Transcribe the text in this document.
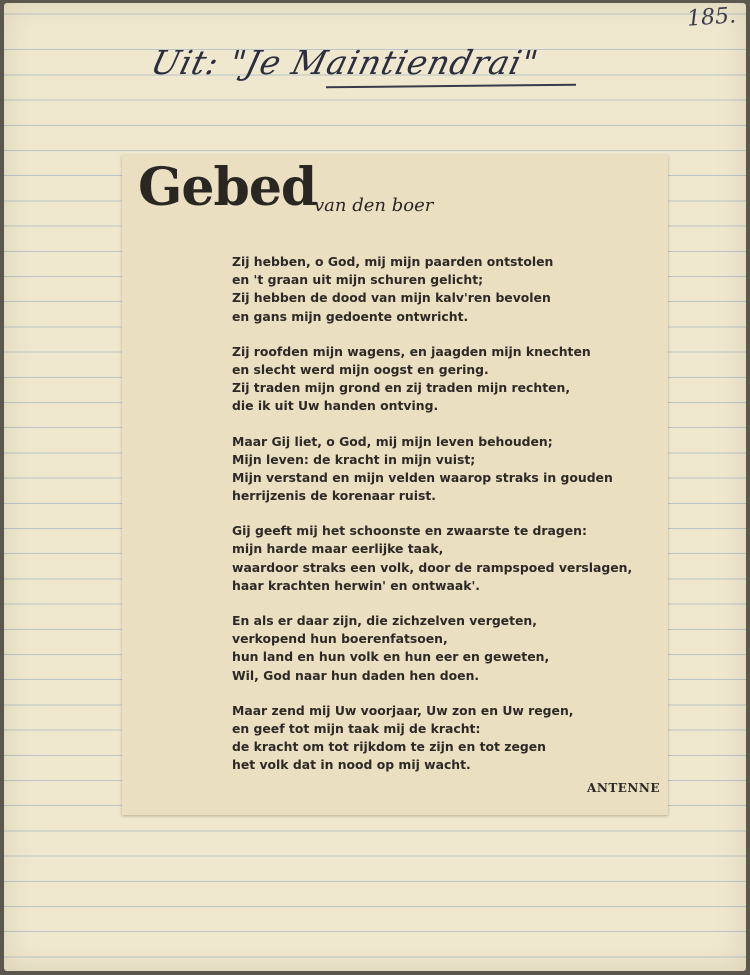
185.
Uit: "Je Maintiendrai"
Gebed
van den boer
Zij hebben, o God, mij mijn paarden ontstolen
en 't graan uit mijn schuren gelicht;
Zij hebben de dood van mijn kalv'ren bevolen
en gans mijn gedoente ontwricht.
Zij roofden mijn wagens, en jaagden mijn knechten
en slecht werd mijn oogst en gering.
Zij traden mijn grond en zij traden mijn rechten,
die ik uit Uw handen ontving.
Maar Gij liet, o God, mij mijn leven behouden;
Mijn leven: de kracht in mijn vuist;
Mijn verstand en mijn velden waarop straks in gouden
herrijzenis de korenaar ruist.
Gij geeft mij het schoonste en zwaarste te dragen:
mijn harde maar eerlijke taak,
waardoor straks een volk, door de rampspoed verslagen,
haar krachten herwin' en ontwaak'.
En als er daar zijn, die zichzelven vergeten,
verkopend hun boerenfatsoen,
hun land en hun volk en hun eer en geweten,
Wil, God naar hun daden hen doen.
Maar zend mij Uw voorjaar, Uw zon en Uw regen,
en geef tot mijn taak mij de kracht:
de kracht om tot rijkdom te zijn en tot zegen
het volk dat in nood op mij wacht.
ANTENNE
